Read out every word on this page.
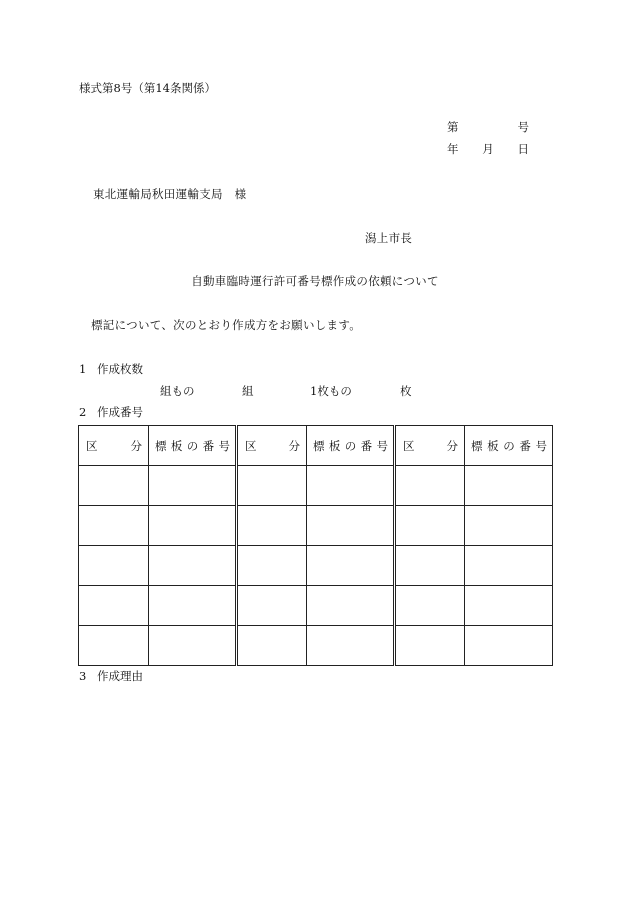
様式第8号（第14条関係）
第	号
年 月 日
東北運輸局秋田運輸支局　様
潟上市長
自動車臨時運行許可番号標作成の依頼について
標記について、次のとおり作成方をお願いします。
1 作成枚数
組もの	組	1枚もの	枚
2 作成番号
区 分	標 板 の 番 号	区 分	標 板 の 番 号	区 分	標 板 の 番 号

3 作成理由
